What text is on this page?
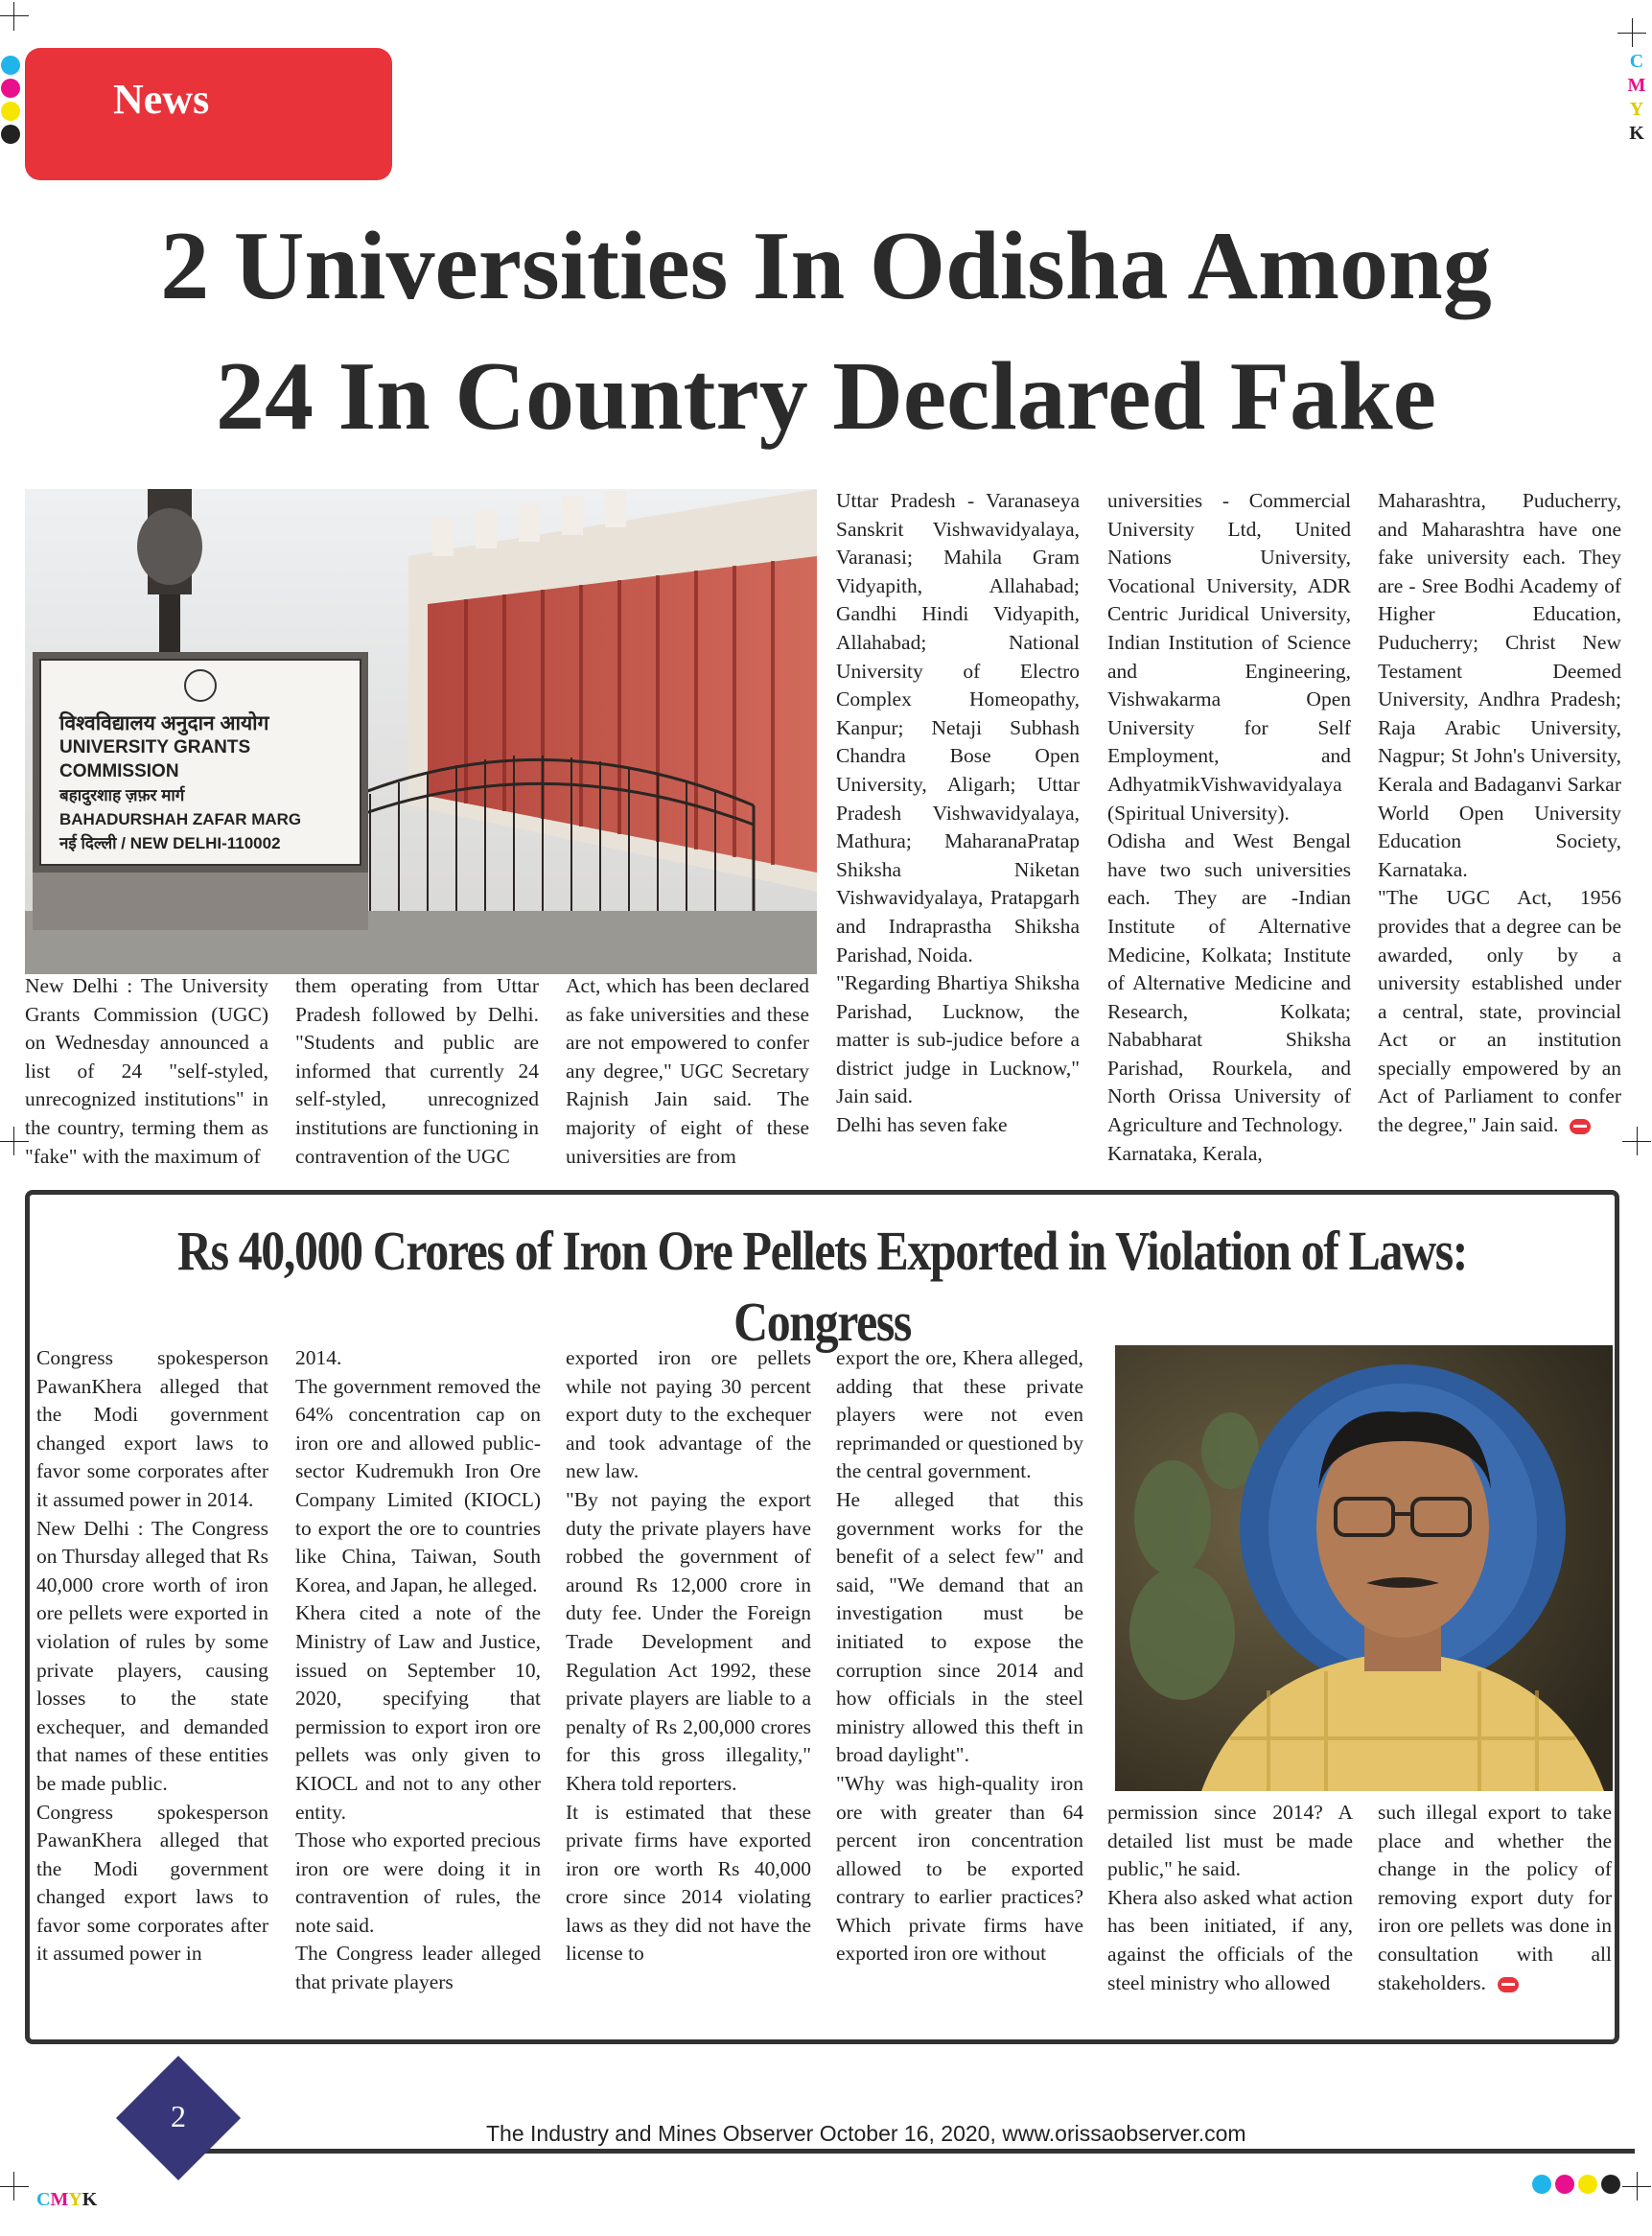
C
M
Y
K
CMYK
News
2 Universities In Odisha Among
24 In Country Declared Fake
विश्वविद्यालय अनुदान आयोग
UNIVERSITY GRANTS COMMISSION
बहादुरशाह ज़फ़र मार्ग
BAHADURSHAH ZAFAR MARG
नई दिल्ली / NEW DELHI-110002

New Delhi : The University Grants Commission (UGC) on Wednesday announced a list of 24 "self-styled, unrecognized institutions" in the country, terming them as "fake" with the maximum of

them operating from Uttar Pradesh followed by Delhi. "Students and public are informed that currently 24 self-styled, unrecognized institutions are functioning in contravention of the UGC

Act, which has been declared as fake universities and these are not empowered to confer any degree," UGC Secretary Rajnish Jain said. The majority of eight of these universities are from

Uttar Pradesh - Varanaseya Sanskrit Vishwavidyalaya, Varanasi; Mahila Gram Vidyapith, Allahabad; Gandhi Hindi Vidyapith, Allahabad; National University of Electro Complex Homeopathy, Kanpur; Netaji Subhash Chandra Bose Open University, Aligarh; Uttar Pradesh Vishwavidyalaya, Mathura; MaharanaPratap Shiksha Niketan Vishwavidyalaya, Pratapgarh and Indraprastha Shiksha Parishad, Noida.

"Regarding Bhartiya Shiksha Parishad, Lucknow, the matter is sub-judice before a district judge in Lucknow," Jain said.

Delhi has seven fake

universities - Commercial University Ltd, United Nations University, Vocational University, ADR Centric Juridical University, Indian Institution of Science and Engineering, Vishwakarma Open University for Self Employment, and AdhyatmikVishwavidyalaya (Spiritual University).

Odisha and West Bengal have two such universities each. They are -Indian Institute of Alternative Medicine, Kolkata; Institute of Alternative Medicine and Research, Kolkata; Nababharat Shiksha Parishad, Rourkela, and North Orissa University of Agriculture and Technology.

Karnataka, Kerala,

Maharashtra, Puducherry, and Maharashtra have one fake university each. They are - Sree Bodhi Academy of Higher Education, Puducherry; Christ New Testament Deemed University, Andhra Pradesh; Raja Arabic University, Nagpur; St John's University, Kerala and Badaganvi Sarkar World Open University Education Society, Karnataka.

"The UGC Act, 1956 provides that a degree can be awarded, only by a university established under a central, state, provincial Act or an institution specially empowered by an Act of Parliament to confer the degree," Jain said.

Rs 40,000 Crores of Iron Ore Pellets Exported in Violation of Laws: Congress

Congress spokesperson PawanKhera alleged that the Modi government changed export laws to favor some corporates after it assumed power in 2014.

New Delhi : The Congress on Thursday alleged that Rs 40,000 crore worth of iron ore pellets were exported in violation of rules by some private players, causing losses to the state exchequer, and demanded that names of these entities be made public.

Congress spokesperson PawanKhera alleged that the Modi government changed export laws to favor some corporates after it assumed power in

2014.

The government removed the 64% concentration cap on iron ore and allowed public-sector Kudremukh Iron Ore Company Limited (KIOCL) to export the ore to countries like China, Taiwan, South Korea, and Japan, he alleged.

Khera cited a note of the Ministry of Law and Justice, issued on September 10, 2020, specifying that permission to export iron ore pellets was only given to KIOCL and not to any other entity.

Those who exported precious iron ore were doing it in contravention of rules, the note said.

The Congress leader alleged that private players

exported iron ore pellets while not paying 30 percent export duty to the exchequer and took advantage of the new law.

"By not paying the export duty the private players have robbed the government of around Rs 12,000 crore in duty fee. Under the Foreign Trade Development and Regulation Act 1992, these private players are liable to a penalty of Rs 2,00,000 crores for this gross illegality," Khera told reporters.

It is estimated that these private firms have exported iron ore worth Rs 40,000 crore since 2014 violating laws as they did not have the license to

export the ore, Khera alleged, adding that these private players were not even reprimanded or questioned by the central government.

He alleged that this government works for the benefit of a select few" and said, "We demand that an investigation must be initiated to expose the corruption since 2014 and how officials in the steel ministry allowed this theft in broad daylight".

"Why was high-quality iron ore with greater than 64 percent iron concentration allowed to be exported contrary to earlier practices? Which private firms have exported iron ore without

permission since 2014? A detailed list must be made public," he said.

Khera also asked what action has been initiated, if any, against the officials of the steel ministry who allowed

such illegal export to take place and whether the change in the policy of removing export duty for iron ore pellets was done in consultation with all stakeholders.

2	The Industry and Mines Observer October 16, 2020, www.orissaobserver.com
